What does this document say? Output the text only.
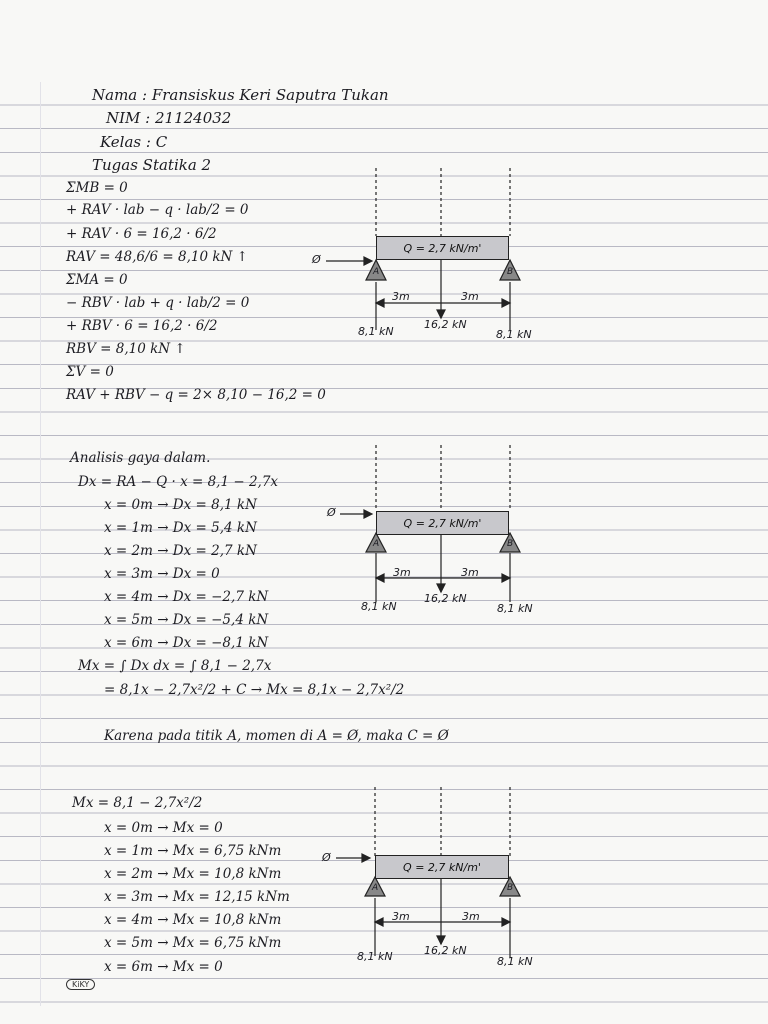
Nama : Fransiskus Keri Saputra Tukan
NIM : 21124032
Kelas : C
Tugas Statika 2
ΣMB = 0
+ RAV · lab − q · lab/2 = 0
+ RAV · 6 = 16,2 · 6/2
RAV = 48,6/6 = 8,10 kN ↑
ΣMA = 0
− RBV · lab + q · lab/2 = 0
+ RBV · 6 = 16,2 · 6/2
RBV = 8,10 kN ↑
ΣV = 0
RAV + RBV − q = 2× 8,10 − 16,2 = 0
Analisis gaya dalam.
Dx = RA − Q · x = 8,1 − 2,7x
x = 0m → Dx = 8,1 kN
x = 1m → Dx = 5,4 kN
x = 2m → Dx = 2,7 kN
x = 3m → Dx = 0
x = 4m → Dx = −2,7 kN
x = 5m → Dx = −5,4 kN
x = 6m → Dx = −8,1 kN
Mx = ∫ Dx dx = ∫ 8,1 − 2,7x
= 8,1x − 2,7x²/2 + C → Mx = 8,1x − 2,7x²/2
Karena pada titik A, momen di A = Ø, maka C = Ø
Mx = 8,1 − 2,7x²/2
x = 0m → Mx = 0
x = 1m → Mx = 6,75 kNm
x = 2m → Mx = 10,8 kNm
x = 3m → Mx = 12,15 kNm
x = 4m → Mx = 10,8 kNm
x = 5m → Mx = 6,75 kNm
x = 6m → Mx = 0
Q = 2,7 kN/m'
Ø
A	B
3m	3m
8,1 kN
16,2 kN
8,1 kN
Q = 2,7 kN/m'
Ø
A	B
3m	3m
8,1 kN
16,2 kN
8,1 kN
Q = 2,7 kN/m'
Ø
A	B
3m	3m
8,1 kN	16,2 kN
8,1 kN
KiKY
